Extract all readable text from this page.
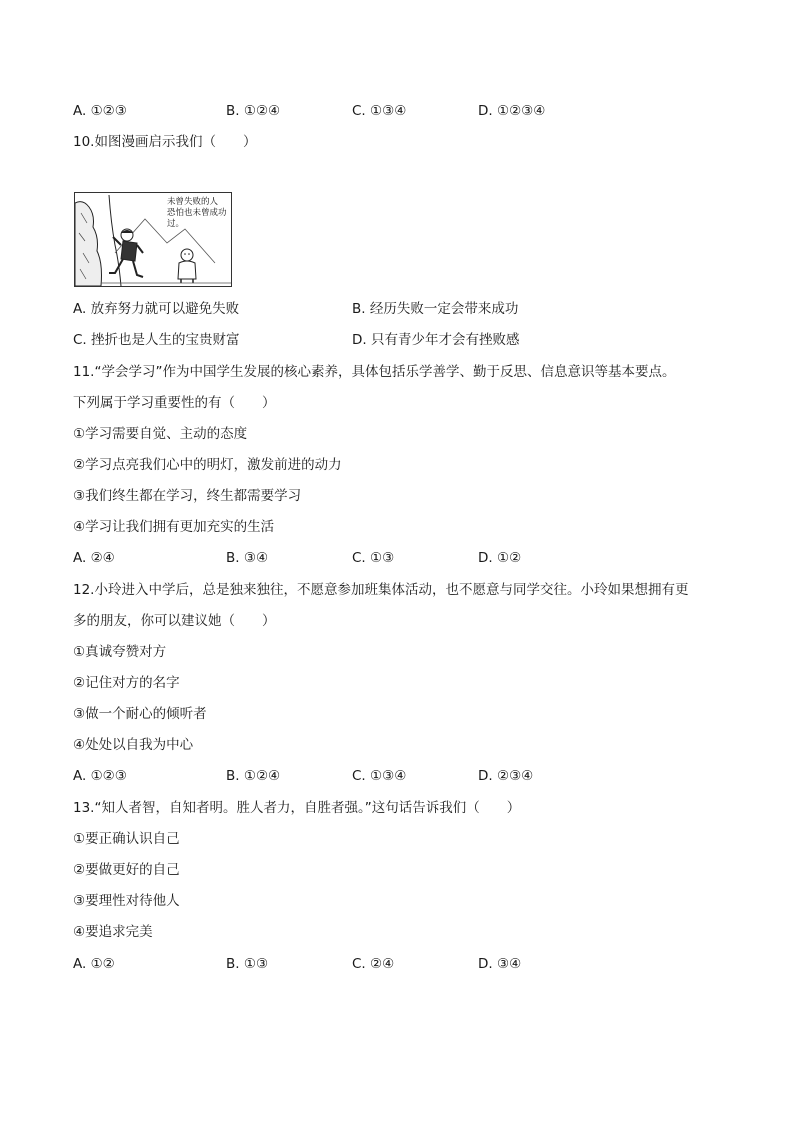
A. ①②③	B. ①②④	C. ①③④	D. ①②③④
10.如图漫画启示我们（　　）
未曾失败的人
恐怕也未曾成功过。
A. 放弃努力就可以避免失败	B. 经历失败一定会带来成功
C. 挫折也是人生的宝贵财富	D. 只有青少年才会有挫败感
11.“学会学习”作为中国学生发展的核心素养，具体包括乐学善学、勤于反思、信息意识等基本要点。
下列属于学习重要性的有（　　）
①学习需要自觉、主动的态度
②学习点亮我们心中的明灯，激发前进的动力
③我们终生都在学习，终生都需要学习
④学习让我们拥有更加充实的生活
A. ②④	B. ③④	C. ①③	D. ①②
12.小玲进入中学后，总是独来独往，不愿意参加班集体活动，也不愿意与同学交往。小玲如果想拥有更
多的朋友，你可以建议她（　　）
①真诚夸赞对方
②记住对方的名字
③做一个耐心的倾听者
④处处以自我为中心
A. ①②③	B. ①②④	C. ①③④	D. ②③④
13.“知人者智，自知者明。胜人者力，自胜者强。”这句话告诉我们（　　）
①要正确认识自己
②要做更好的自己
③要理性对待他人
④要追求完美
A. ①②	B. ①③	C. ②④	D. ③④
